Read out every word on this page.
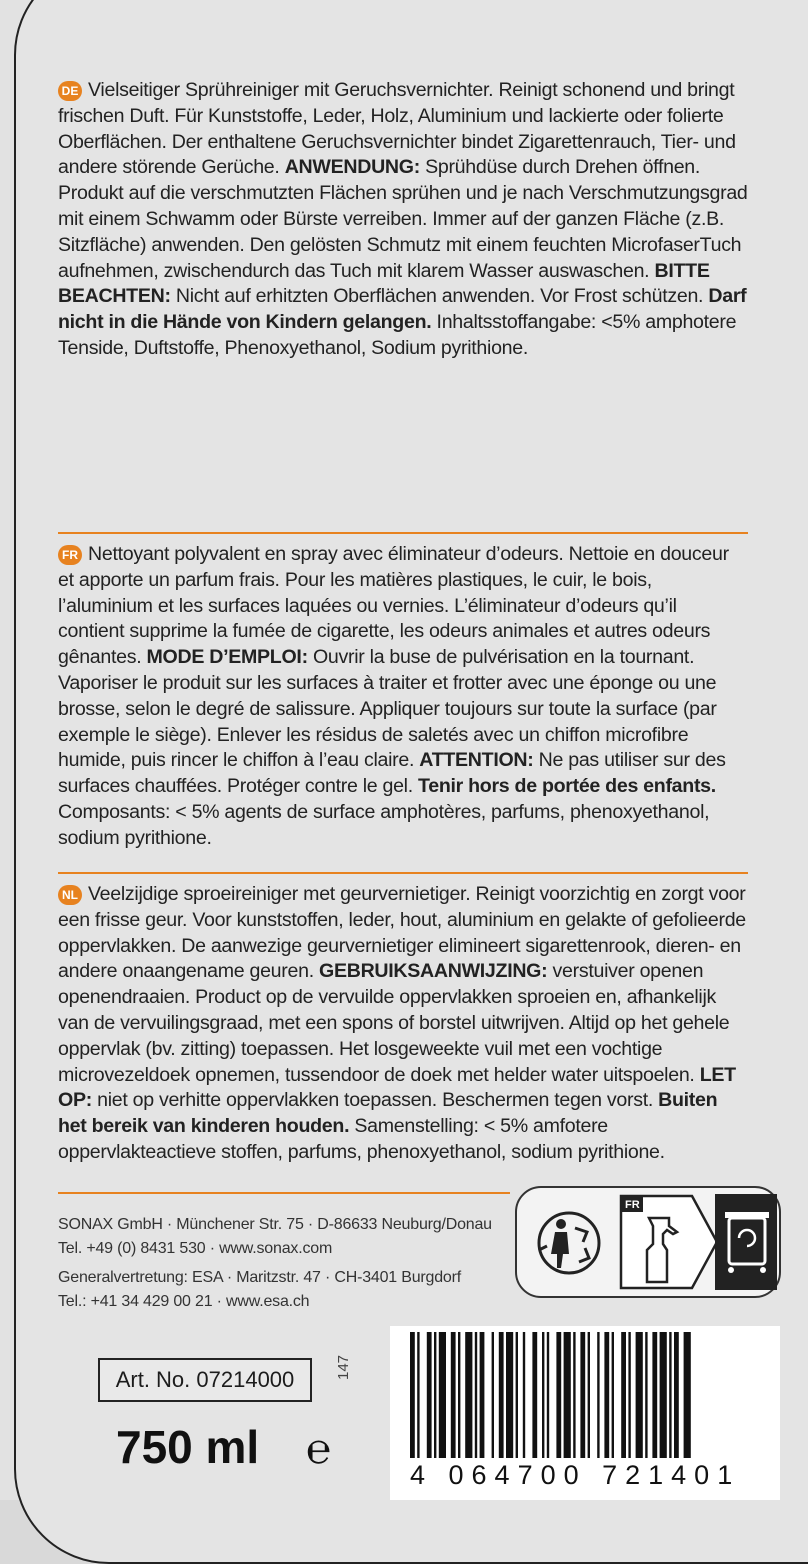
DE Vielseitiger Sprühreiniger mit Geruchsvernichter. Reinigt schonend und bringt frischen Duft. Für Kunststoffe, Leder, Holz, Aluminium und lackierte oder folierte Oberflächen. Der enthaltene Geruchsvernichter bindet Zigarettenrauch, Tier- und andere störende Gerüche. ANWENDUNG: Sprühdüse durch Drehen öffnen. Produkt auf die verschmutzten Flächen sprühen und je nach Verschmutzungsgrad mit einem Schwamm oder Bürste verreiben. Immer auf der ganzen Fläche (z.B. Sitzfläche) anwenden. Den gelösten Schmutz mit einem feuchten MicrofaserTuch aufnehmen, zwischendurch das Tuch mit klarem Wasser auswaschen. BITTE BEACHTEN: Nicht auf erhitzten Oberflächen anwenden. Vor Frost schützen. Darf nicht in die Hände von Kindern gelangen. Inhaltsstoffangabe: <5% amphotere Tenside, Duftstoffe, Phenoxyethanol, Sodium pyrithione.
FR Nettoyant polyvalent en spray avec éliminateur d’odeurs. Nettoie en douceur et apporte un parfum frais. Pour les matières plastiques, le cuir, le bois, l’aluminium et les surfaces laquées ou vernies. L’éliminateur d’odeurs qu’il contient supprime la fumée de cigarette, les odeurs animales et autres odeurs gênantes. MODE D’EMPLOI: Ouvrir la buse de pulvérisation en la tournant. Vaporiser le produit sur les surfaces à traiter et frotter avec une éponge ou une brosse, selon le degré de salissure. Appliquer toujours sur toute la surface (par exemple le siège). Enlever les résidus de saletés avec un chiffon microfibre humide, puis rincer le chiffon à l’eau claire. ATTENTION: Ne pas utiliser sur des surfaces chauffées. Protéger contre le gel. Tenir hors de portée des enfants. Composants: < 5% agents de surface amphotères, parfums, phenoxyethanol, sodium pyrithione.
NL Veelzijdige sproeireiniger met geurvernietiger. Reinigt voorzichtig en zorgt voor een frisse geur. Voor kunststoffen, leder, hout, aluminium en gelakte of gefolieerde oppervlakken. De aanwezige geurvernietiger elimineert sigarettenrook, dieren- en andere onaangename geuren. GEBRUIKSAANWIJZING: verstuiver openen openendraaien. Product op de vervuilde oppervlakken sproeien en, afhankelijk van de vervuilingsgraad, met een spons of borstel uitwrijven. Altijd op het gehele oppervlak (bv. zitting) toepassen. Het losgeweekte vuil met een vochtige microvezeldoek opnemen, tussendoor de doek met helder water uitspoelen. LET OP: niet op verhitte oppervlakken toepassen. Beschermen tegen vorst. Buiten het bereik van kinderen houden. Samenstelling: < 5% amfotere oppervlakteactieve stoffen, parfums, phenoxyethanol, sodium pyrithione.
SONAX GmbH · Münchener Str. 75 · D-86633 Neuburg/Donau
Tel. +49 (0) 8431 530 · www.sonax.com
Generalvertretung: ESA · Maritzstr. 47 · CH-3401 Burgdorf
Tel.: +41 34 429 00 21 · www.esa.ch
FR
Art. No. 07214000	147
750 ml ℮
4 064700 721401
